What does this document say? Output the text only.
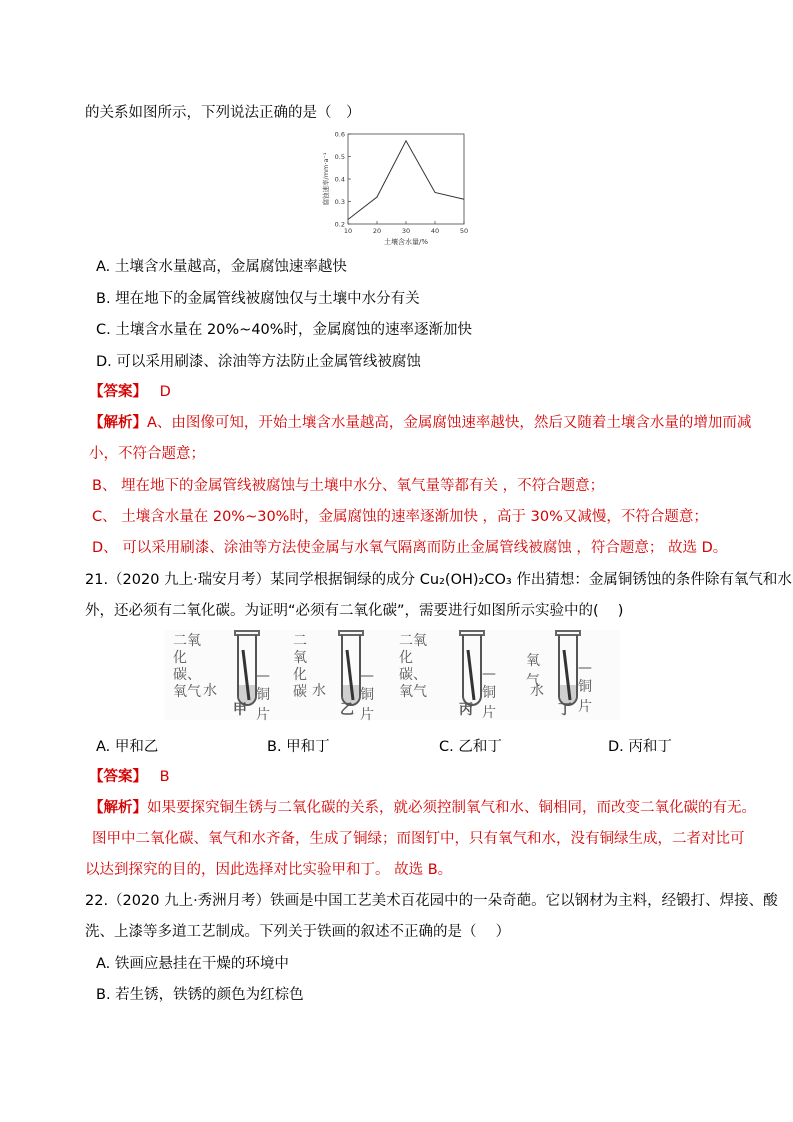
的关系如图所示，下列说法正确的是（　）
0.2
0.3
0.4
0.5
0.6
10	20	30	40	50
土壤含水量/%
腐蚀速率/mm·a⁻¹
A. 土壤含水量越高，金属腐蚀速率越快
B. 埋在地下的金属管线被腐蚀仅与土壤中水分有关
C. 土壤含水量在 20%~40%时，金属腐蚀的速率逐渐加快
D. 可以采用刷漆、涂油等方法防止金属管线被腐蚀
【答案】 D
【解析】A、由图像可知，开始土壤含水量越高，金属腐蚀速率越快，然后又随着土壤含水量的增加而减
小，不符合题意；
B、 埋在地下的金属管线被腐蚀与土壤中水分、氧气量等都有关 ，不符合题意；
C、 土壤含水量在 20%~30%时，金属腐蚀的速率逐渐加快 ，高于 30%又减慢，不符合题意；
D、 可以采用刷漆、涂油等方法使金属与水氧气隔离而防止金属管线被腐蚀 ，符合题意； 故选 D。
21.（2020 九上·瑞安月考）某同学根据铜绿的成分 Cu₂(OH)₂CO₃ 作出猜想：金属铜锈蚀的条件除有氧气和水
外，还必须有二氧化碳。为证明“必须有二氧化碳”，需要进行如图所示实验中的(　 )
二氧化
碳、氧气 水
—铜片
甲
二氧
化碳 水
—铜片
乙
二氧化
碳、氧气
—铜片
丙
氧气
水
—铜片
丁
A. 甲和乙	B. 甲和丁	C. 乙和丁	D. 丙和丁
【答案】 B
【解析】如果要探究铜生锈与二氧化碳的关系，就必须控制氧气和水、铜相同，而改变二氧化碳的有无。
图甲中二氧化碳、氧气和水齐备，生成了铜绿；而图钉中，只有氧气和水，没有铜绿生成，二者对比可
以达到探究的目的，因此选择对比实验甲和丁。 故选 B。
22.（2020 九上·秀洲月考）铁画是中国工艺美术百花园中的一朵奇葩。它以钢材为主料，经锻打、焊接、酸
洗、上漆等多道工艺制成。下列关于铁画的叙述不正确的是（　 ）
A. 铁画应悬挂在干燥的环境中
B. 若生锈，铁锈的颜色为红棕色
